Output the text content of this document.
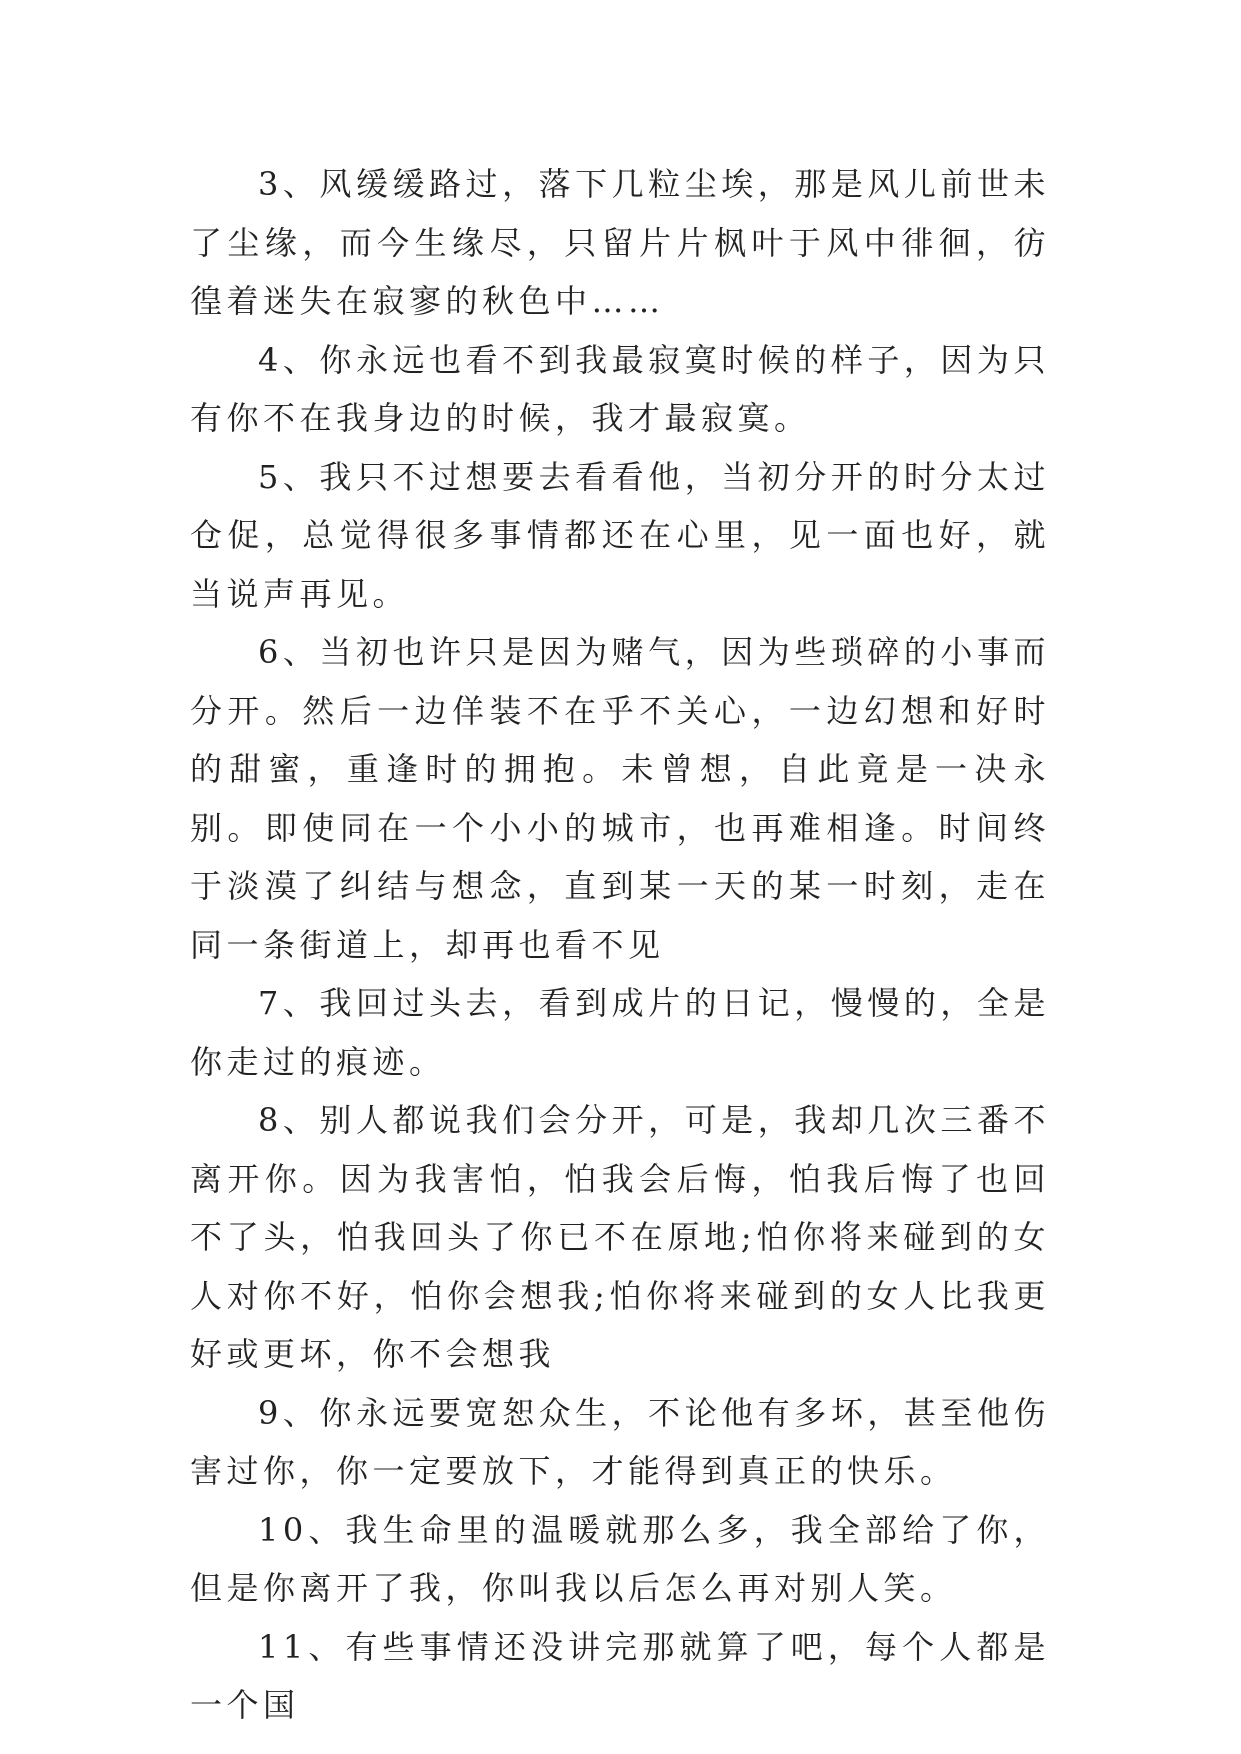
3、风缓缓路过，落下几粒尘埃，那是风儿前世未了尘缘，而今生缘尽，只留片片枫叶于风中徘徊，彷徨着迷失在寂寥的秋色中……

4、你永远也看不到我最寂寞时候的样子，因为只有你不在我身边的时候，我才最寂寞。

5、我只不过想要去看看他，当初分开的时分太过仓促，总觉得很多事情都还在心里，见一面也好，就当说声再见。

6、当初也许只是因为赌气，因为些琐碎的小事而分开。然后一边佯装不在乎不关心，一边幻想和好时的甜蜜，重逢时的拥抱。未曾想，自此竟是一决永别。即使同在一个小小的城市，也再难相逢。时间终于淡漠了纠结与想念，直到某一天的某一时刻，走在同一条街道上，却再也看不见

7、我回过头去，看到成片的日记，慢慢的，全是你走过的痕迹。

8、别人都说我们会分开，可是，我却几次三番不离开你。因为我害怕，怕我会后悔，怕我后悔了也回不了头，怕我回头了你已不在原地;怕你将来碰到的女人对你不好，怕你会想我;怕你将来碰到的女人比我更好或更坏，你不会想我

9、你永远要宽恕众生，不论他有多坏，甚至他伤害过你，你一定要放下，才能得到真正的快乐。

10、我生命里的温暖就那么多，我全部给了你，但是你离开了我，你叫我以后怎么再对别人笑。

11、有些事情还没讲完那就算了吧，每个人都是一个国
